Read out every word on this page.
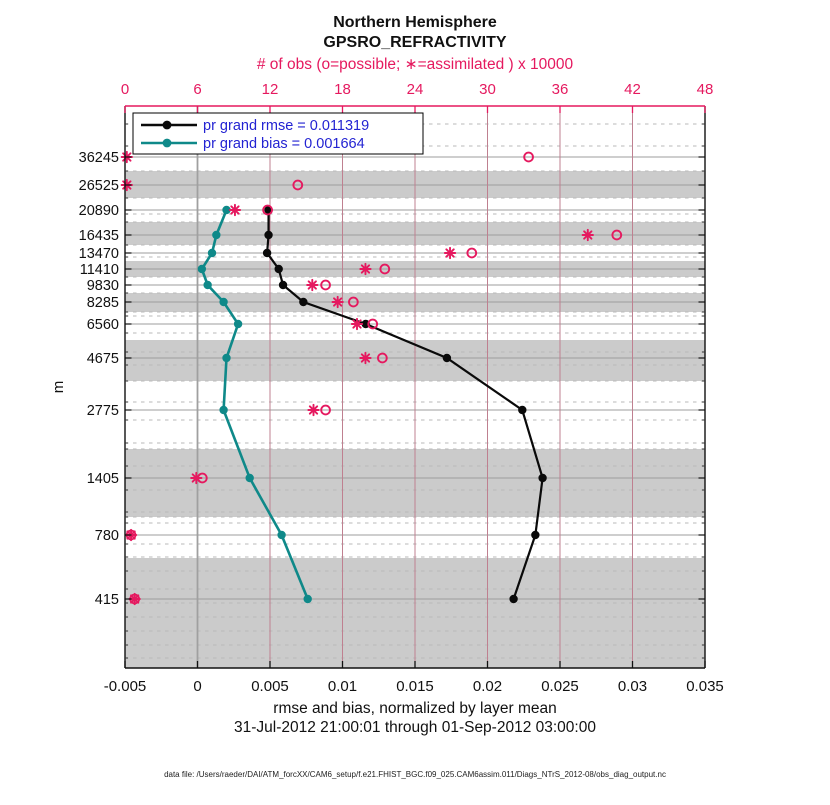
-0.005	0	0.005	0.01	0.015	0.02	0.025	0.03	0.035
0	6	12	18	24	30	36	42	48
415
780
1405
2775
4675
6560
8285
9830
11410
13470
16435
20890
26525
36245
Northern Hemisphere
GPSRO_REFRACTIVITY
# of obs (o=possible; ∗=assimilated ) x 10000
m
rmse and bias, normalized by layer mean
31-Jul-2012 21:00:01 through 01-Sep-2012 03:00:00
data file: /Users/raeder/DAI/ATM_forcXX/CAM6_setup/f.e21.FHIST_BGC.f09_025.CAM6assim.011/Diags_NTrS_2012-08/obs_diag_output.nc
pr grand rmse = 0.011319
pr grand bias = 0.001664
